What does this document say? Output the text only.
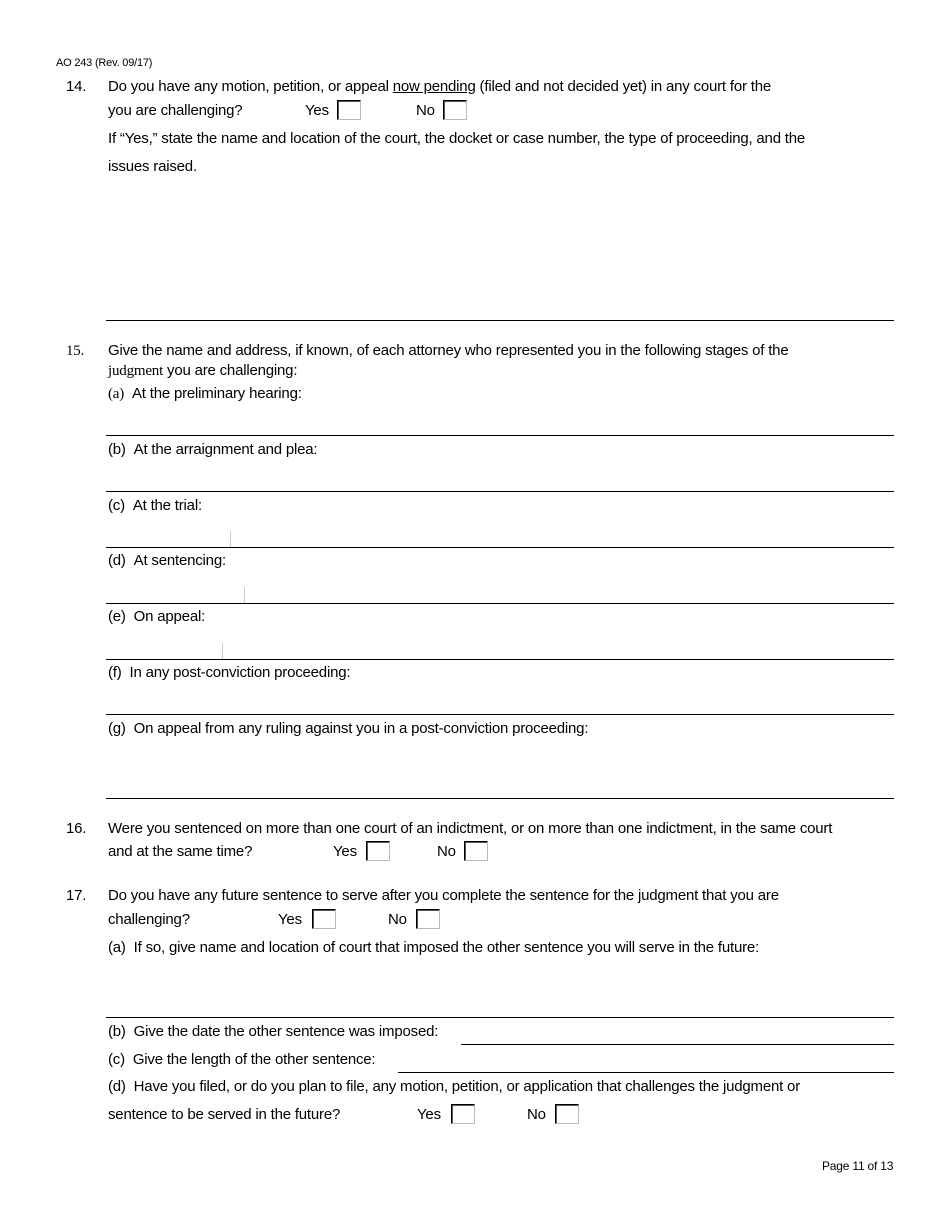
AO 243 (Rev. 09/17)
14. Do you have any motion, petition, or appeal now pending (filed and not decided yet) in any court for the
you are challenging?	Yes	No
If “Yes,” state the name and location of the court, the docket or case number, the type of proceeding, and the
issues raised.
15. Give the name and address, if known, of each attorney who represented you in the following stages of the
judgment you are challenging:
(a) At the preliminary hearing:
(b) At the arraignment and plea:
(c) At the trial:
(d) At sentencing:
(e) On appeal:
(f) In any post-conviction proceeding:
(g) On appeal from any ruling against you in a post-conviction proceeding:
16. Were you sentenced on more than one court of an indictment, or on more than one indictment, in the same court
and at the same time?	Yes	No
17. Do you have any future sentence to serve after you complete the sentence for the judgment that you are
challenging?	Yes	No
(a) If so, give name and location of court that imposed the other sentence you will serve in the future:
(b) Give the date the other sentence was imposed:
(c) Give the length of the other sentence:
(d) Have you filed, or do you plan to file, any motion, petition, or application that challenges the judgment or
sentence to be served in the future?	Yes	No
Page 11 of 13
